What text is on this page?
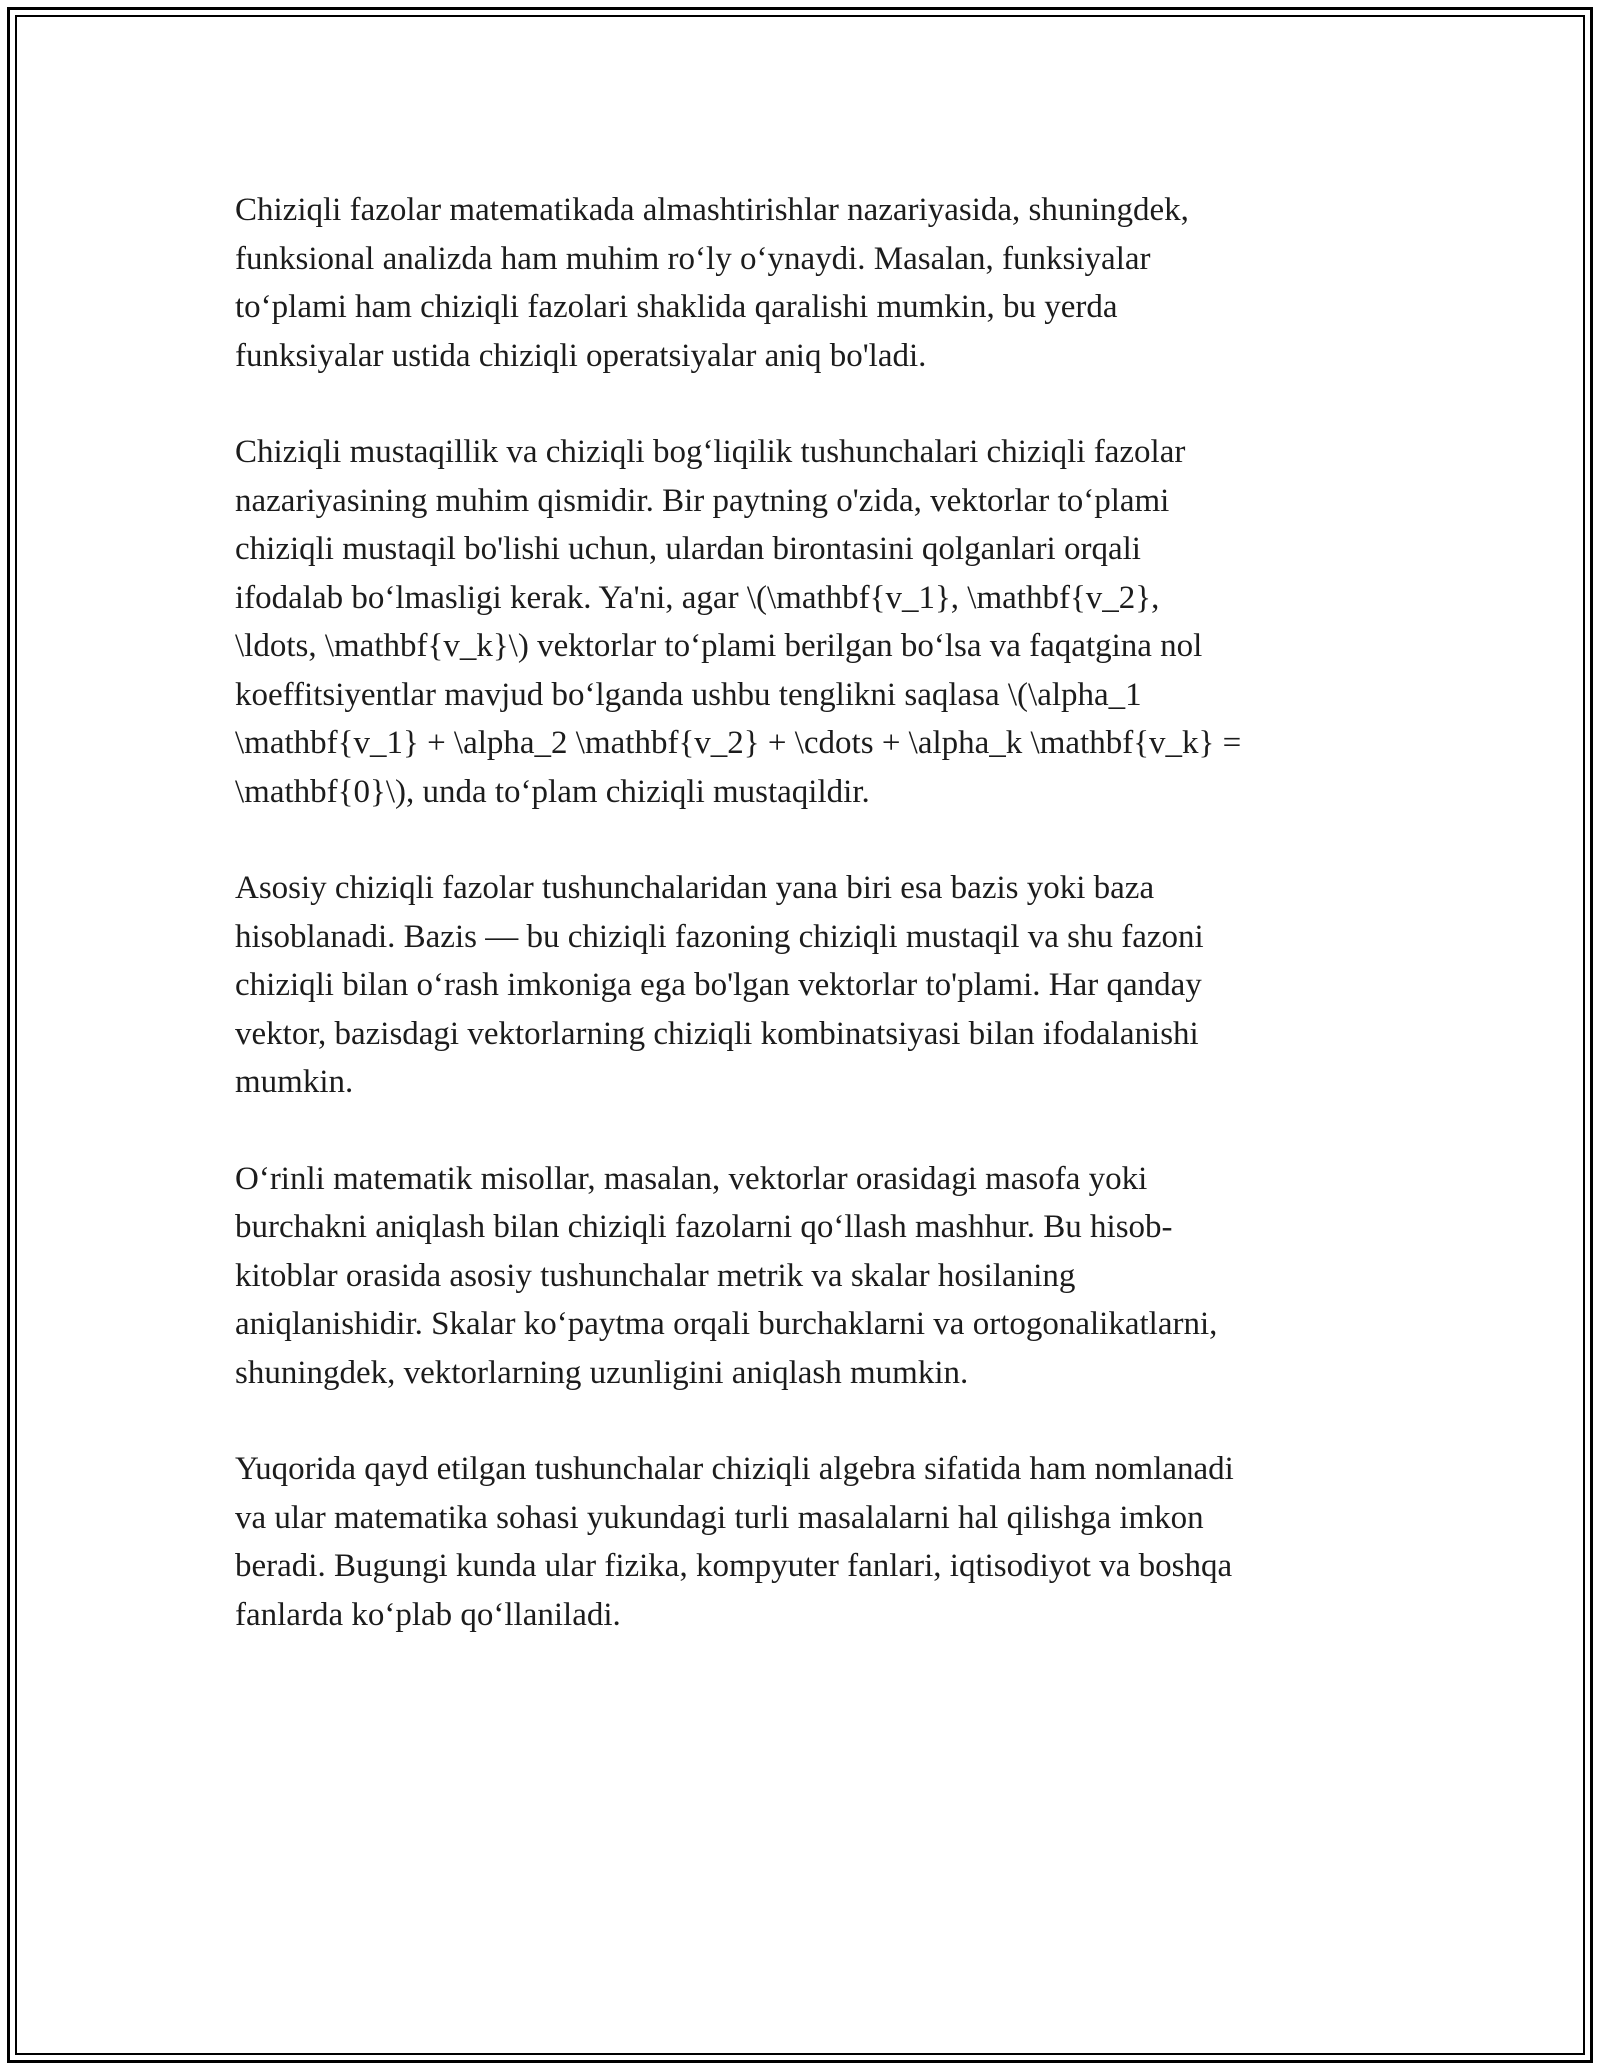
Chiziqli fazolar matematikada almashtirishlar nazariyasida, shuningdek,
funksional analizda ham muhim ro‘ly o‘ynaydi. Masalan, funksiyalar
to‘plami ham chiziqli fazolari shaklida qaralishi mumkin, bu yerda
funksiyalar ustida chiziqli operatsiyalar aniq bo'ladi.

Chiziqli mustaqillik va chiziqli bog‘liqilik tushunchalari chiziqli fazolar
nazariyasining muhim qismidir. Bir paytning o'zida, vektorlar to‘plami
chiziqli mustaqil bo'lishi uchun, ulardan birontasini qolganlari orqali
ifodalab bo‘lmasligi kerak. Ya'ni, agar \(\mathbf{v_1}, \mathbf{v_2},
\ldots, \mathbf{v_k}\) vektorlar to‘plami berilgan bo‘lsa va faqatgina nol
koeffitsiyentlar mavjud bo‘lganda ushbu tenglikni saqlasa \(\alpha_1
\mathbf{v_1} + \alpha_2 \mathbf{v_2} + \cdots + \alpha_k \mathbf{v_k} =
\mathbf{0}\), unda to‘plam chiziqli mustaqildir.

Asosiy chiziqli fazolar tushunchalaridan yana biri esa bazis yoki baza
hisoblanadi. Bazis — bu chiziqli fazoning chiziqli mustaqil va shu fazoni
chiziqli bilan o‘rash imkoniga ega bo'lgan vektorlar to'plami. Har qanday
vektor, bazisdagi vektorlarning chiziqli kombinatsiyasi bilan ifodalanishi
mumkin.

O‘rinli matematik misollar, masalan, vektorlar orasidagi masofa yoki
burchakni aniqlash bilan chiziqli fazolarni qo‘llash mashhur. Bu hisob-
kitoblar orasida asosiy tushunchalar metrik va skalar hosilaning
aniqlanishidir. Skalar ko‘paytma orqali burchaklarni va ortogonalikatlarni,
shuningdek, vektorlarning uzunligini aniqlash mumkin.

Yuqorida qayd etilgan tushunchalar chiziqli algebra sifatida ham nomlanadi
va ular matematika sohasi yukundagi turli masalalarni hal qilishga imkon
beradi. Bugungi kunda ular fizika, kompyuter fanlari, iqtisodiyot va boshqa
fanlarda ko‘plab qo‘llaniladi.
